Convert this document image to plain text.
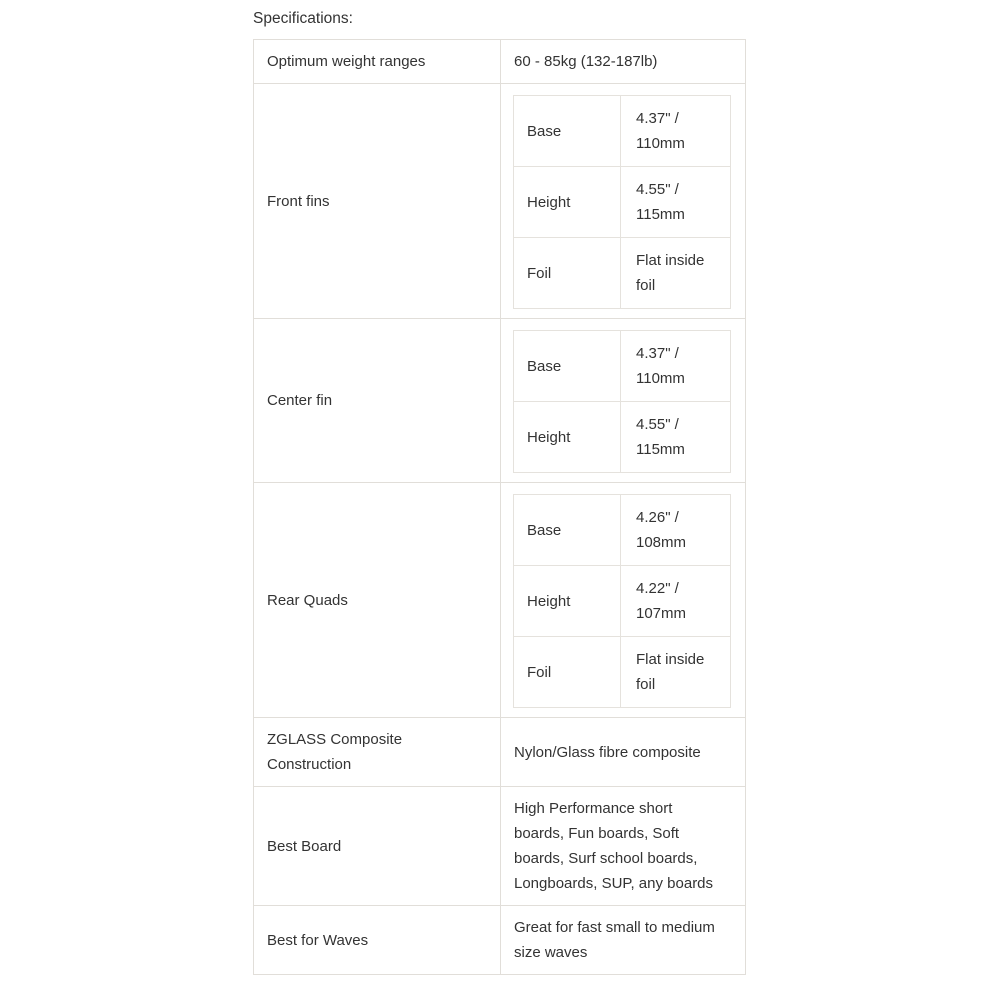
Specifications:

Optimum weight ranges	60 - 85kg (132-187lb)
Front fins	
Base	4.37" / 110mm
Height	4.55" / 115mm
Foil	Flat inside foil

Center fin	
Base	4.37" / 110mm
Height	4.55" / 115mm

Rear Quads	
Base	4.26" / 108mm
Height	4.22" / 107mm
Foil	Flat inside foil

ZGLASS Composite Construction	Nylon/Glass fibre composite
Best Board	High Performance short boards, Fun boards, Soft boards, Surf school boards, Longboards, SUP, any boards
Best for Waves	Great for fast small to medium size waves
